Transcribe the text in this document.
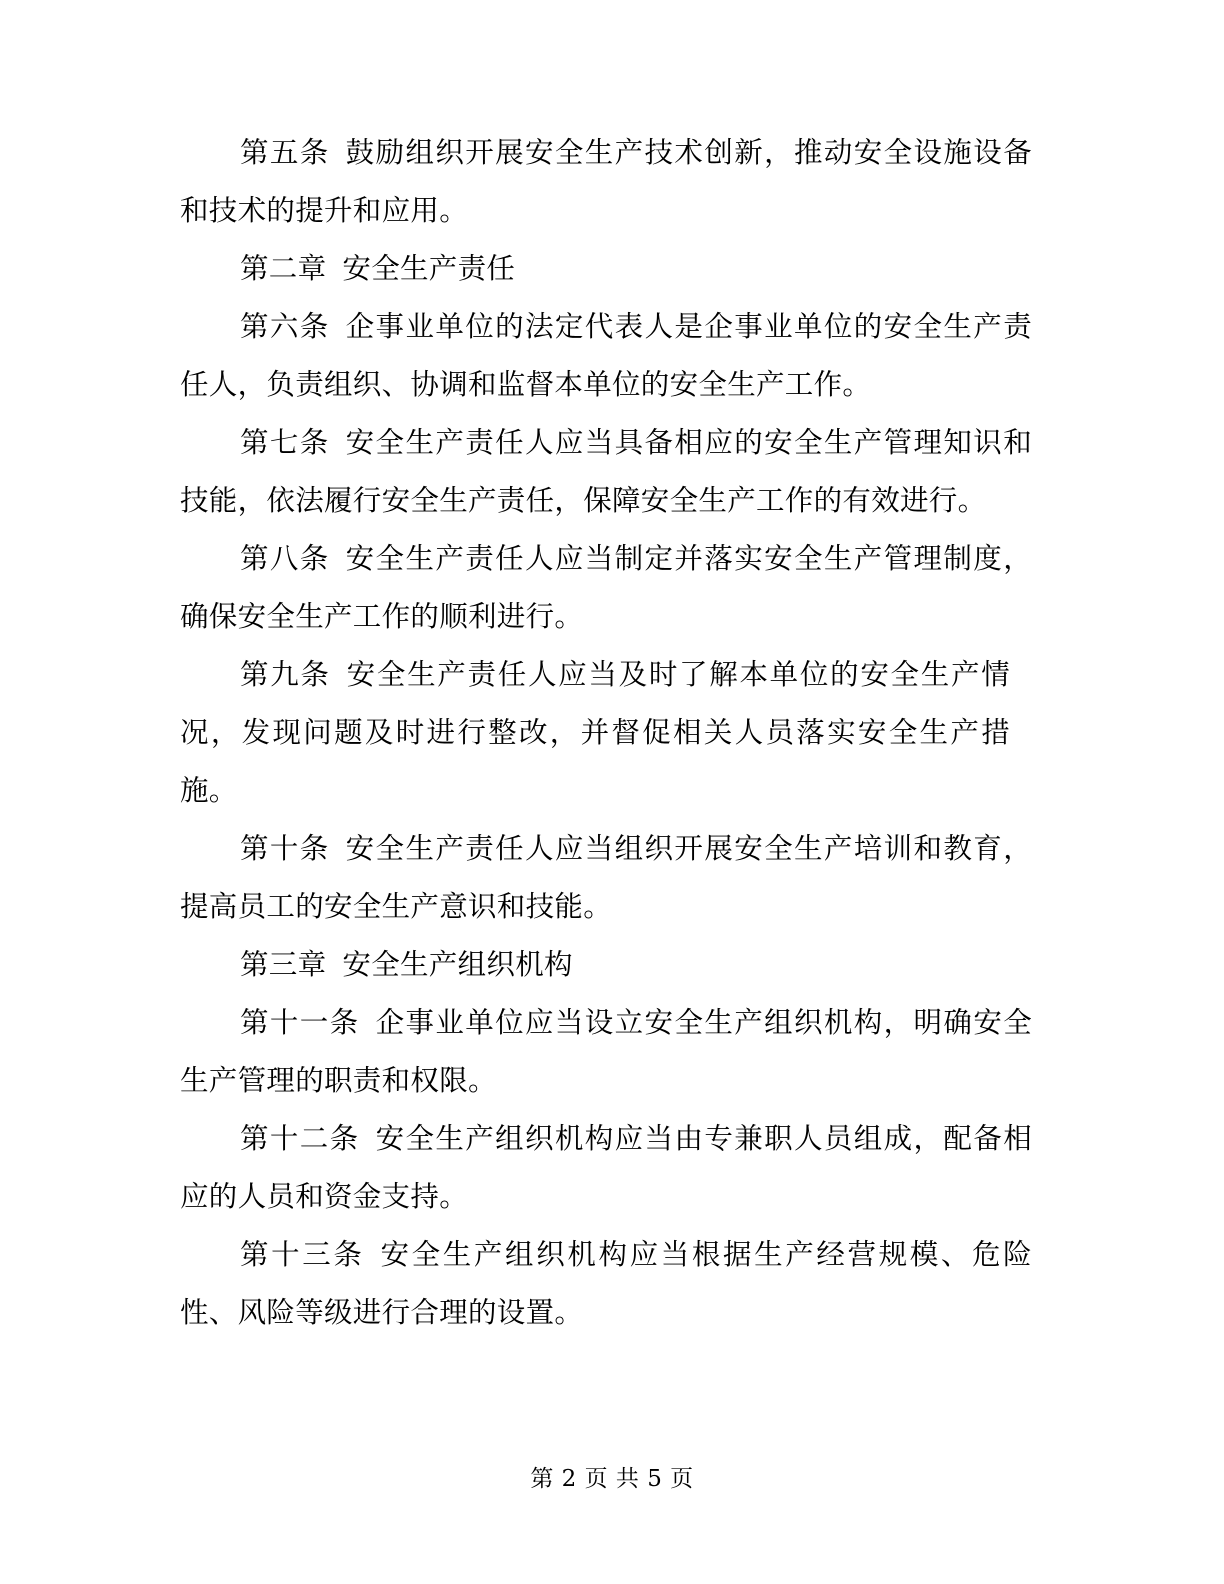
第五条 鼓励组织开展安全生产技术创新，推动安全设施设备和技术的提升和应用。

第二章 安全生产责任

第六条 企事业单位的法定代表人是企事业单位的安全生产责任人，负责组织、协调和监督本单位的安全生产工作。

第七条 安全生产责任人应当具备相应的安全生产管理知识和技能，依法履行安全生产责任，保障安全生产工作的有效进行。

第八条 安全生产责任人应当制定并落实安全生产管理制度，确保安全生产工作的顺利进行。

第九条 安全生产责任人应当及时了解本单位的安全生产情况，发现问题及时进行整改，并督促相关人员落实安全生产措施。

第十条 安全生产责任人应当组织开展安全生产培训和教育，提高员工的安全生产意识和技能。

第三章 安全生产组织机构

第十一条 企事业单位应当设立安全生产组织机构，明确安全生产管理的职责和权限。

第十二条 安全生产组织机构应当由专兼职人员组成，配备相应的人员和资金支持。

第十三条 安全生产组织机构应当根据生产经营规模、危险性、风险等级进行合理的设置。

第 2 页 共 5 页
